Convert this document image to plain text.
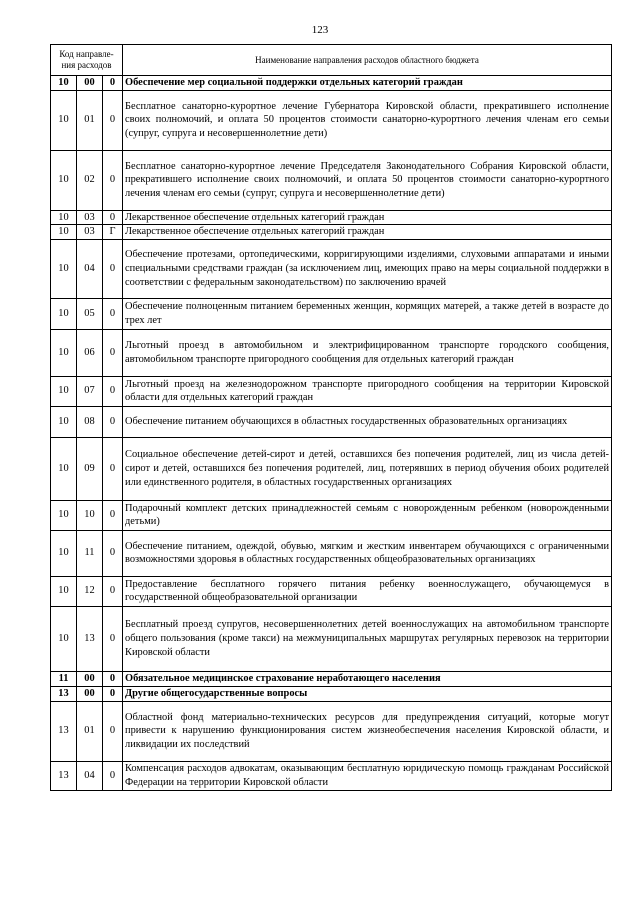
123
Код направле-ния расходов			Наименование направления расходов областного бюджета
10	00	0	Обеспечение мер социальной поддержки отдельных категорий граждан
10	01	0	Бесплатное санаторно-курортное лечение Губернатора Кировской области, прекратившего исполнение своих полномочий, и оплата 50 процентов стоимости санаторно-курортного лечения членам его семьи (супруг, супруга и несовершеннолетние дети)
10	02	0	Бесплатное санаторно-курортное лечение Председателя Законодательного Собрания Кировской области, прекратившего исполнение своих полномочий, и оплата 50 процентов стоимости санаторно-курортного лечения членам его семьи (супруг, супруга и несовершеннолетние дети)
10	03	0	Лекарственное обеспечение отдельных категорий граждан
10	03	Г	Лекарственное обеспечение отдельных категорий граждан
10	04	0	Обеспечение протезами, ортопедическими, корригирующими изделиями, слуховыми аппаратами и иными специальными средствами граждан (за исключением лиц, имеющих право на меры социальной поддержки в соответствии с федеральным законодательством) по заключению врачей
10	05	0	Обеспечение полноценным питанием беременных женщин, кормящих матерей, а также детей в возрасте до трех лет
10	06	0	Льготный проезд в автомобильном и электрифицированном транспорте городского сообщения, автомобильном транспорте пригородного сообщения для отдельных категорий граждан
10	07	0	Льготный проезд на железнодорожном транспорте пригородного сообщения на территории Кировской области для отдельных категорий граждан
10	08	0	Обеспечение питанием обучающихся в областных государственных образовательных организациях
10	09	0	Социальное обеспечение детей-сирот и детей, оставшихся без попечения родителей, лиц из числа детей-сирот и детей, оставшихся без попечения родителей, лиц, потерявших в период обучения обоих родителей или единственного родителя, в областных государственных организациях
10	10	0	Подарочный комплект детских принадлежностей семьям с новорожденным ребенком (новорожденными детьми)
10	11	0	Обеспечение питанием, одеждой, обувью, мягким и жестким инвентарем обучающихся с ограниченными возможностями здоровья в областных государственных общеобразовательных организациях
10	12	0	Предоставление бесплатного горячего питания ребенку военнослужащего, обучающемуся в государственной общеобразовательной организации
10	13	0	Бесплатный проезд супругов, несовершеннолетних детей военнослужащих на автомобильном транспорте общего пользования (кроме такси) на межмуниципальных маршрутах регулярных перевозок на территории Кировской области
11	00	0	Обязательное медицинское страхование неработающего населения
13	00	0	Другие общегосударственные вопросы
13	01	0	Областной фонд материально-технических ресурсов для предупреждения ситуаций, которые могут привести к нарушению функционирования систем жизнеобеспечения населения Кировской области, и ликвидации их последствий
13	04	0	Компенсация расходов адвокатам, оказывающим бесплатную юридическую помощь гражданам Российской Федерации на территории Кировской области
